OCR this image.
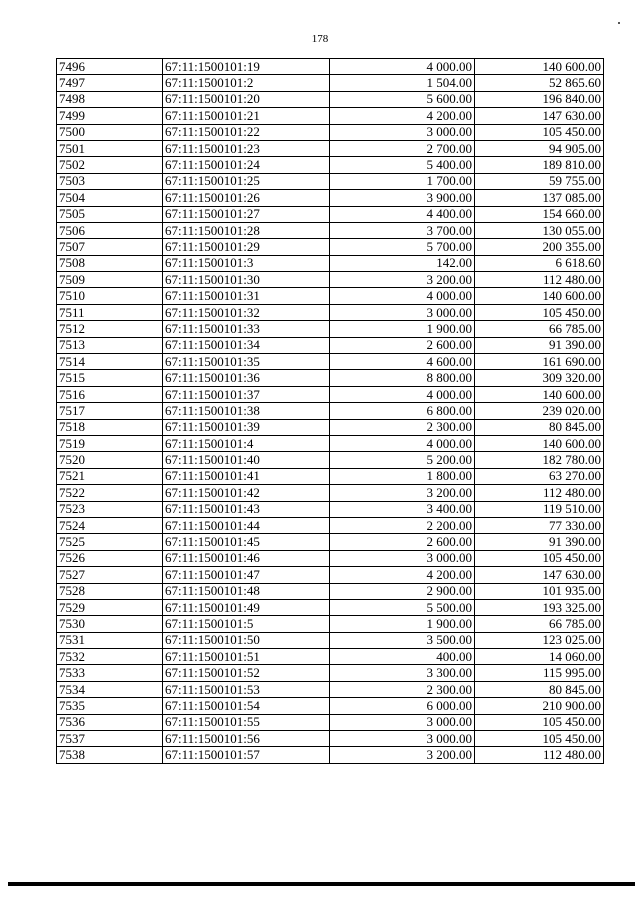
178
7496	67:11:1500101:19	4 000.00	140 600.00
7497	67:11:1500101:2	1 504.00	52 865.60
7498	67:11:1500101:20	5 600.00	196 840.00
7499	67:11:1500101:21	4 200.00	147 630.00
7500	67:11:1500101:22	3 000.00	105 450.00
7501	67:11:1500101:23	2 700.00	94 905.00
7502	67:11:1500101:24	5 400.00	189 810.00
7503	67:11:1500101:25	1 700.00	59 755.00
7504	67:11:1500101:26	3 900.00	137 085.00
7505	67:11:1500101:27	4 400.00	154 660.00
7506	67:11:1500101:28	3 700.00	130 055.00
7507	67:11:1500101:29	5 700.00	200 355.00
7508	67:11:1500101:3	142.00	6 618.60
7509	67:11:1500101:30	3 200.00	112 480.00
7510	67:11:1500101:31	4 000.00	140 600.00
7511	67:11:1500101:32	3 000.00	105 450.00
7512	67:11:1500101:33	1 900.00	66 785.00
7513	67:11:1500101:34	2 600.00	91 390.00
7514	67:11:1500101:35	4 600.00	161 690.00
7515	67:11:1500101:36	8 800.00	309 320.00
7516	67:11:1500101:37	4 000.00	140 600.00
7517	67:11:1500101:38	6 800.00	239 020.00
7518	67:11:1500101:39	2 300.00	80 845.00
7519	67:11:1500101:4	4 000.00	140 600.00
7520	67:11:1500101:40	5 200.00	182 780.00
7521	67:11:1500101:41	1 800.00	63 270.00
7522	67:11:1500101:42	3 200.00	112 480.00
7523	67:11:1500101:43	3 400.00	119 510.00
7524	67:11:1500101:44	2 200.00	77 330.00
7525	67:11:1500101:45	2 600.00	91 390.00
7526	67:11:1500101:46	3 000.00	105 450.00
7527	67:11:1500101:47	4 200.00	147 630.00
7528	67:11:1500101:48	2 900.00	101 935.00
7529	67:11:1500101:49	5 500.00	193 325.00
7530	67:11:1500101:5	1 900.00	66 785.00
7531	67:11:1500101:50	3 500.00	123 025.00
7532	67:11:1500101:51	400.00	14 060.00
7533	67:11:1500101:52	3 300.00	115 995.00
7534	67:11:1500101:53	2 300.00	80 845.00
7535	67:11:1500101:54	6 000.00	210 900.00
7536	67:11:1500101:55	3 000.00	105 450.00
7537	67:11:1500101:56	3 000.00	105 450.00
7538	67:11:1500101:57	3 200.00	112 480.00
